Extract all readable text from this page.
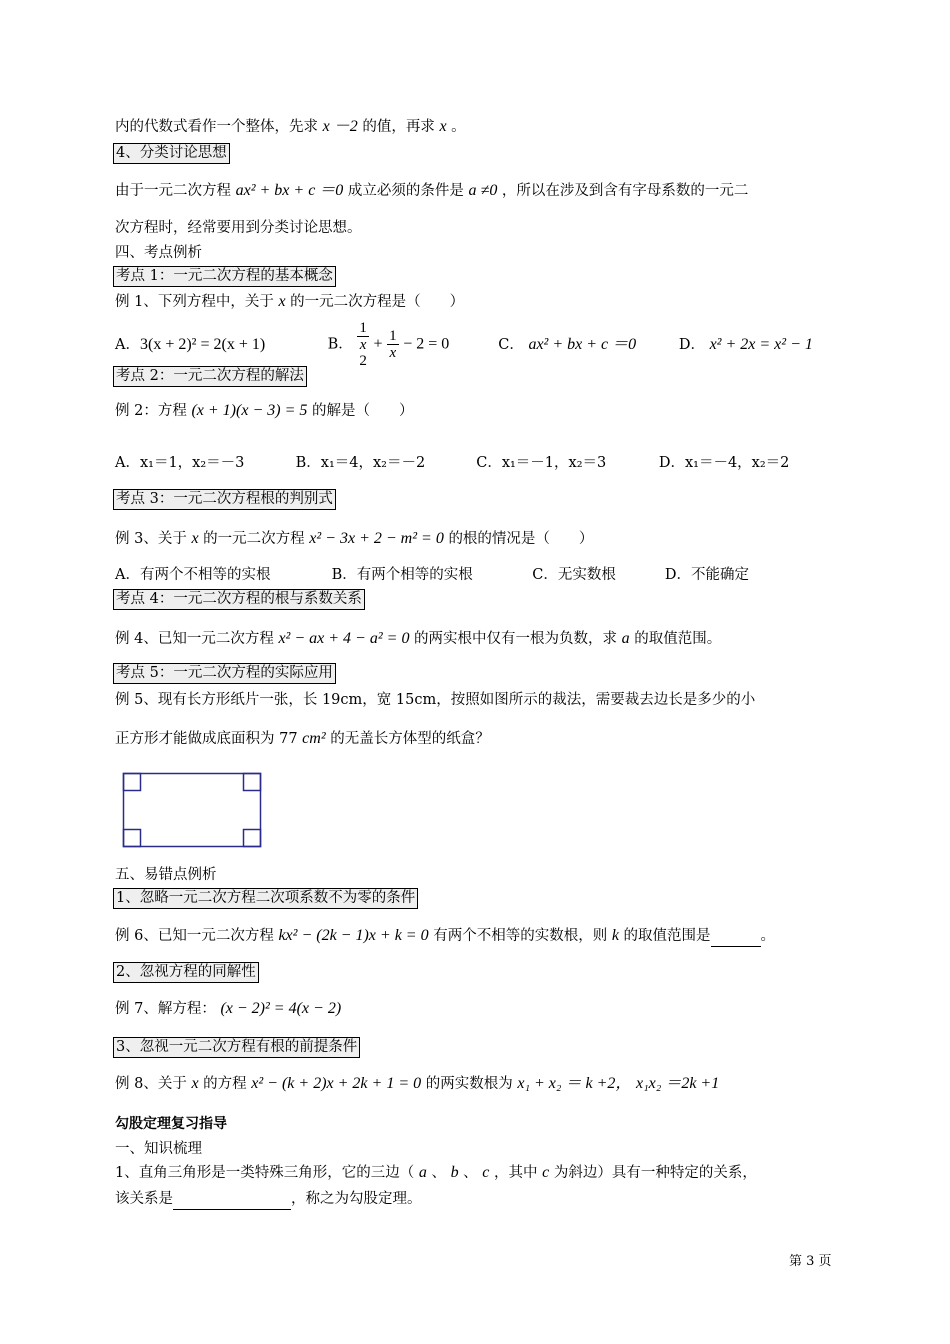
内的代数式看作一个整体，先求 x －2 的值，再求 x 。
4、分类讨论思想
由于一元二次方程 ax² + bx + c ＝0 成立必须的条件是 a ≠0 ，所以在涉及到含有字母系数的一元二
次方程时，经常要用到分类讨论思想。
四、考点例析
考点 1：一元二次方程的基本概念
例 1、下列方程中，关于 x 的一元二次方程是（　　）
A．3(x + 2)² = 2(x + 1)	B． 1
x
$2 + \frac{1}{x} - 2 = 0$	C． ax² + bx + c ＝0	D． x² + 2x = x² − 1
考点 2：一元二次方程的解法
例 2：方程 (x + 1)(x − 3) = 5 的解是（　　）
A．x₁＝1，x₂＝－3	B．x₁＝4，x₂＝－2	C．x₁＝－1，x₂＝3	D．x₁＝－4，x₂＝2
考点 3：一元二次方程根的判别式
例 3、关于 x 的一元二次方程 x² − 3x + 2 − m² = 0 的根的情况是（　　）
A．有两个不相等的实根	B．有两个相等的实根	C．无实数根	D．不能确定
考点 4：一元二次方程的根与系数关系
例 4、已知一元二次方程 x² − ax + 4 − a² = 0 的两实根中仅有一根为负数，求 a 的取值范围。
考点 5：一元二次方程的实际应用
例 5、现有长方形纸片一张，长 19cm，宽 15cm，按照如图所示的裁法，需要裁去边长是多少的小
正方形才能做成底面积为 77 cm² 的无盖长方体型的纸盒？
五、易错点例析
1、忽略一元二次方程二次项系数不为零的条件
例 6、已知一元二次方程 kx² − (2k − 1)x + k = 0 有两个不相等的实数根，则 k 的取值范围是	。
2、忽视方程的同解性
例 7、解方程： (x − 2)² = 4(x − 2)
3、忽视一元二次方程有根的前提条件
例 8、关于 x 的方程 x² − (k + 2)x + 2k + 1 = 0 的两实数根为 x₁ + x₂ ＝ k +2， x₁x₂ ＝2k +1
勾股定理复习指导
一、知识梳理
1、直角三角形是一类特殊三角形，它的三边（ a 、 b 、 c ，其中 c 为斜边）具有一种特定的关系，
该关系是	，称之为勾股定理。
第 3 页
